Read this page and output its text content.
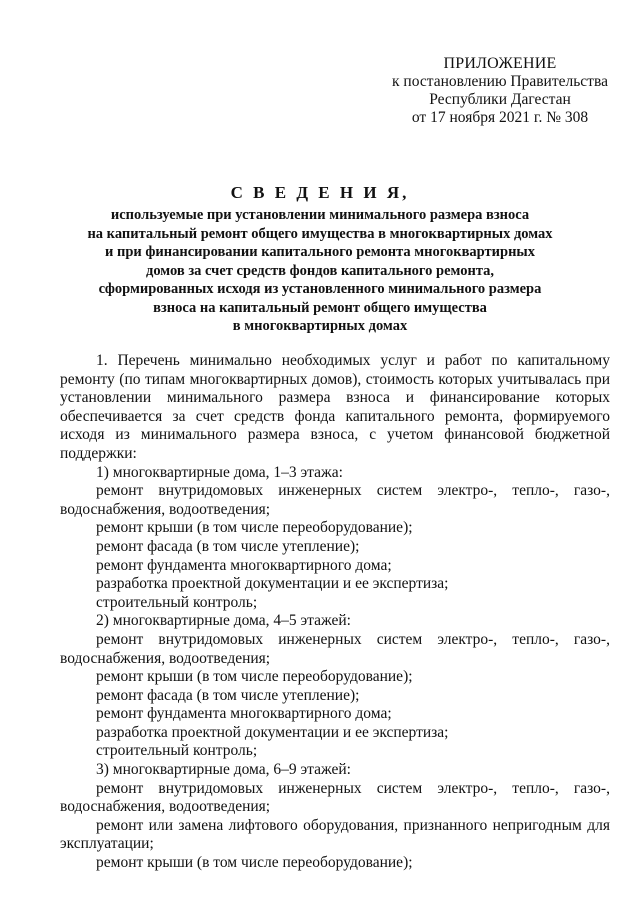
ПРИЛОЖЕНИЕ
к постановлению Правительства
Республики Дагестан
от 17 ноября 2021 г. № 308
С В Е Д Е Н И Я,
используемые при установлении минимального размера взноса
на капитальный ремонт общего имущества в многоквартирных домах
и при финансировании капитального ремонта многоквартирных
домов за счет средств фондов капитального ремонта,
сформированных исходя из установленного минимального размера
взноса на капитальный ремонт общего имущества
в многоквартирных домах

1. Перечень минимально необходимых услуг и работ по капитальному ремонту (по типам многоквартирных домов), стоимость которых учитывалась при установлении минимального размера взноса и финансирование которых обеспечивается за счет средств фонда капитального ремонта, формируемого исходя из минимального размера взноса, с учетом финансовой бюджетной поддержки:

1) многоквартирные дома, 1–3 этажа:
ремонт внутридомовых инженерных систем электро-, тепло-, газо-,
водоснабжения, водоотведения;
ремонт крыши (в том числе переоборудование);
ремонт фасада (в том числе утепление);
ремонт фундамента многоквартирного дома;
разработка проектной документации и ее экспертиза;
строительный контроль;
2) многоквартирные дома, 4–5 этажей:
ремонт внутридомовых инженерных систем электро-, тепло-, газо-,
водоснабжения, водоотведения;
ремонт крыши (в том числе переоборудование);
ремонт фасада (в том числе утепление);
ремонт фундамента многоквартирного дома;
разработка проектной документации и ее экспертиза;
строительный контроль;
3) многоквартирные дома, 6–9 этажей:
ремонт внутридомовых инженерных систем электро-, тепло-, газо-,
водоснабжения, водоотведения;

ремонт или замена лифтового оборудования, признанного непригодным для эксплуатации;

ремонт крыши (в том числе переоборудование);
